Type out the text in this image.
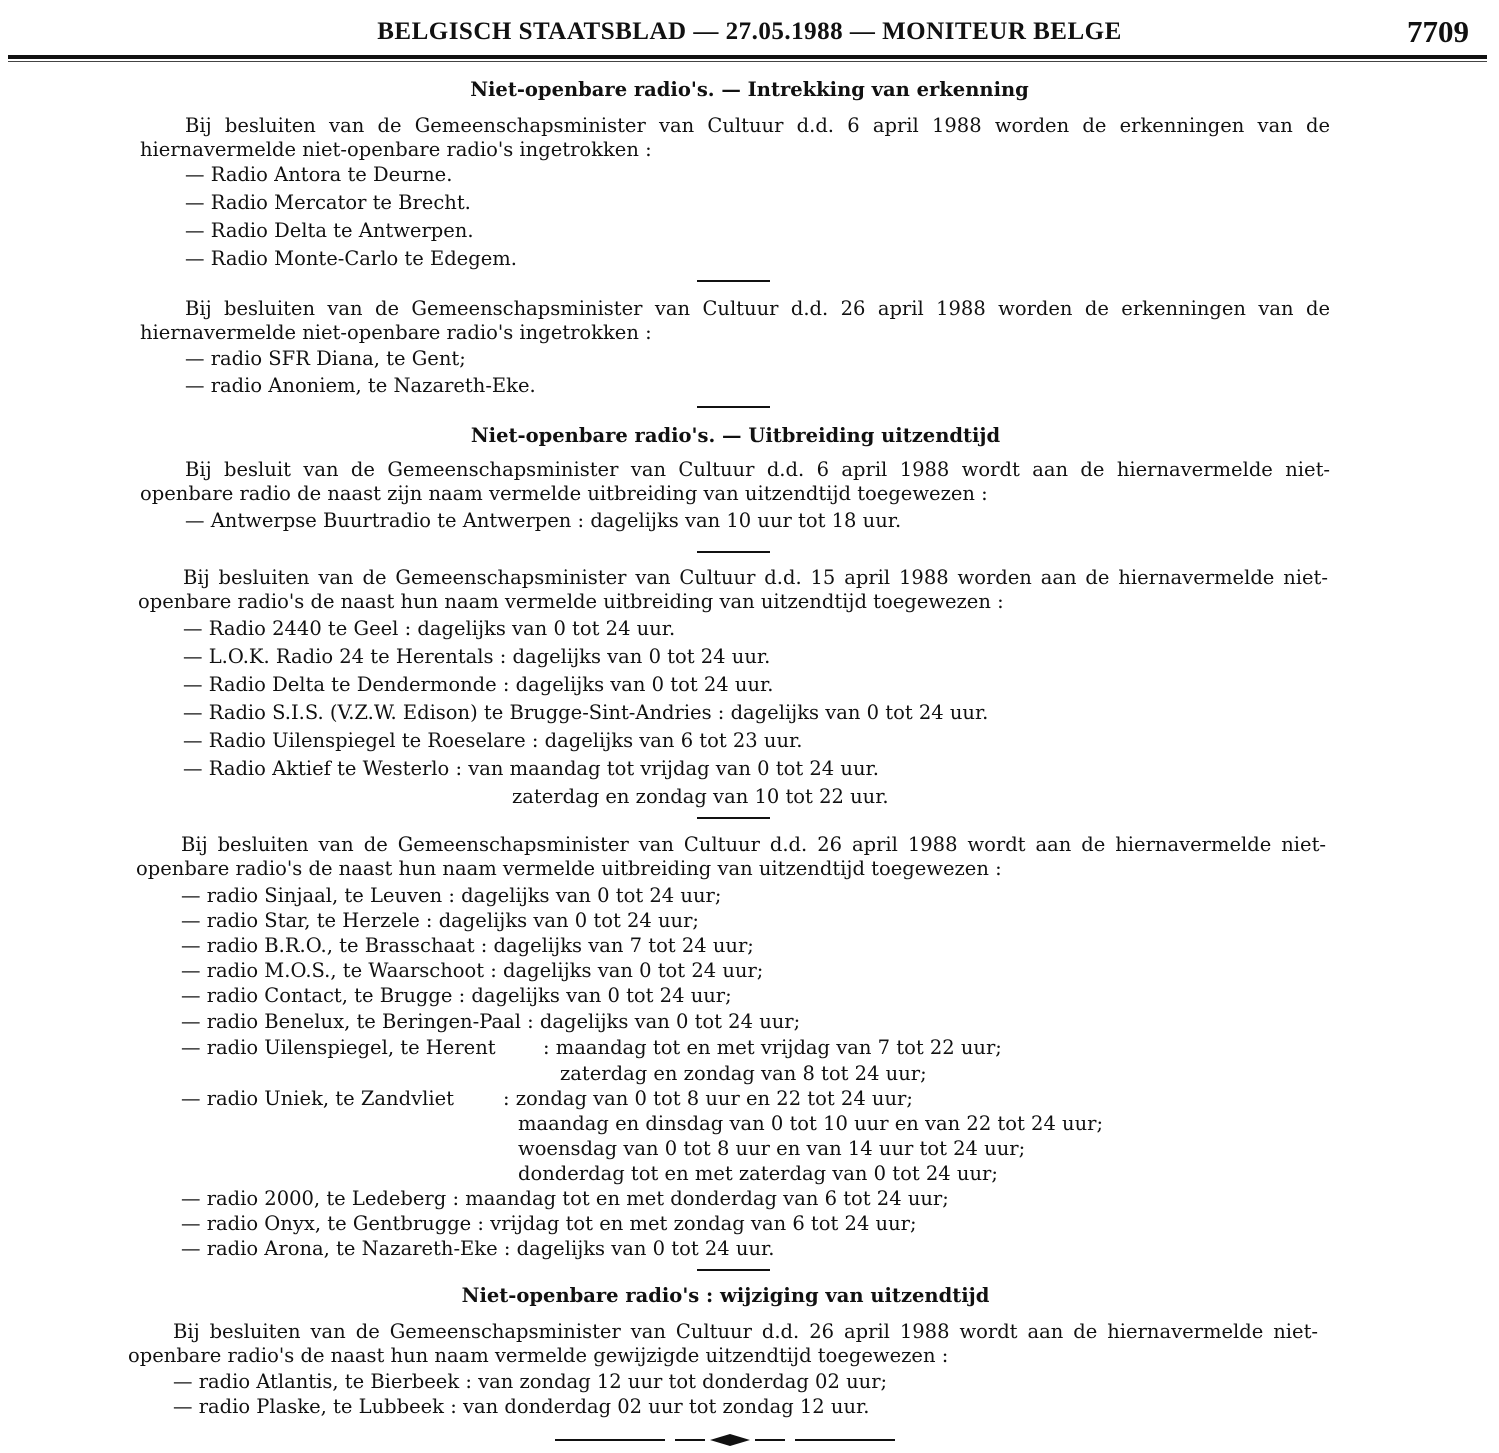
BELGISCH STAATSBLAD — 27.05.1988 — MONITEUR BELGE	7709
Niet-openbare radio's. — Intrekking van erkenning
Bij besluiten van de Gemeenschapsminister van Cultuur d.d. 6 april 1988 worden de erkenningen van de hiernavermelde niet-openbare radio's ingetrokken :
— Radio Antora te Deurne.
— Radio Mercator te Brecht.
— Radio Delta te Antwerpen.
— Radio Monte-Carlo te Edegem.
Bij besluiten van de Gemeenschapsminister van Cultuur d.d. 26 april 1988 worden de erkenningen van de hiernavermelde niet-openbare radio's ingetrokken :
— radio SFR Diana, te Gent;
— radio Anoniem, te Nazareth-Eke.
Niet-openbare radio's. — Uitbreiding uitzendtijd
Bij besluit van de Gemeenschapsminister van Cultuur d.d. 6 april 1988 wordt aan de hiernavermelde niet-openbare radio de naast zijn naam vermelde uitbreiding van uitzendtijd toegewezen :
— Antwerpse Buurtradio te Antwerpen : dagelijks van 10 uur tot 18 uur.
Bij besluiten van de Gemeenschapsminister van Cultuur d.d. 15 april 1988 worden aan de hiernavermelde niet-openbare radio's de naast hun naam vermelde uitbreiding van uitzendtijd toegewezen :
— Radio 2440 te Geel : dagelijks van 0 tot 24 uur.
— L.O.K. Radio 24 te Herentals : dagelijks van 0 tot 24 uur.
— Radio Delta te Dendermonde : dagelijks van 0 tot 24 uur.
— Radio S.I.S. (V.Z.W. Edison) te Brugge-Sint-Andries : dagelijks van 0 tot 24 uur.
— Radio Uilenspiegel te Roeselare : dagelijks van 6 tot 23 uur.
— Radio Aktief te Westerlo : van maandag tot vrijdag van 0 tot 24 uur.
zaterdag en zondag van 10 tot 22 uur.
Bij besluiten van de Gemeenschapsminister van Cultuur d.d. 26 april 1988 wordt aan de hiernavermelde niet-openbare radio's de naast hun naam vermelde uitbreiding van uitzendtijd toegewezen :
— radio Sinjaal, te Leuven : dagelijks van 0 tot 24 uur;
— radio Star, te Herzele : dagelijks van 0 tot 24 uur;
— radio B.R.O., te Brasschaat : dagelijks van 7 tot 24 uur;
— radio M.O.S., te Waarschoot : dagelijks van 0 tot 24 uur;
— radio Contact, te Brugge : dagelijks van 0 tot 24 uur;
— radio Benelux, te Beringen-Paal : dagelijks van 0 tot 24 uur;
— radio Uilenspiegel, te Herent : maandag tot en met vrijdag van 7 tot 22 uur;
zaterdag en zondag van 8 tot 24 uur;
— radio Uniek, te Zandvliet	: zondag van 0 tot 8 uur en 22 tot 24 uur;
maandag en dinsdag van 0 tot 10 uur en van 22 tot 24 uur;
woensdag van 0 tot 8 uur en van 14 uur tot 24 uur;
donderdag tot en met zaterdag van 0 tot 24 uur;
— radio 2000, te Ledeberg : maandag tot en met donderdag van 6 tot 24 uur;
— radio Onyx, te Gentbrugge : vrijdag tot en met zondag van 6 tot 24 uur;
— radio Arona, te Nazareth-Eke : dagelijks van 0 tot 24 uur.
Niet-openbare radio's : wijziging van uitzendtijd
Bij besluiten van de Gemeenschapsminister van Cultuur d.d. 26 april 1988 wordt aan de hiernavermelde niet-openbare radio's de naast hun naam vermelde gewijzigde uitzendtijd toegewezen :
— radio Atlantis, te Bierbeek : van zondag 12 uur tot donderdag 02 uur;
— radio Plaske, te Lubbeek : van donderdag 02 uur tot zondag 12 uur.
